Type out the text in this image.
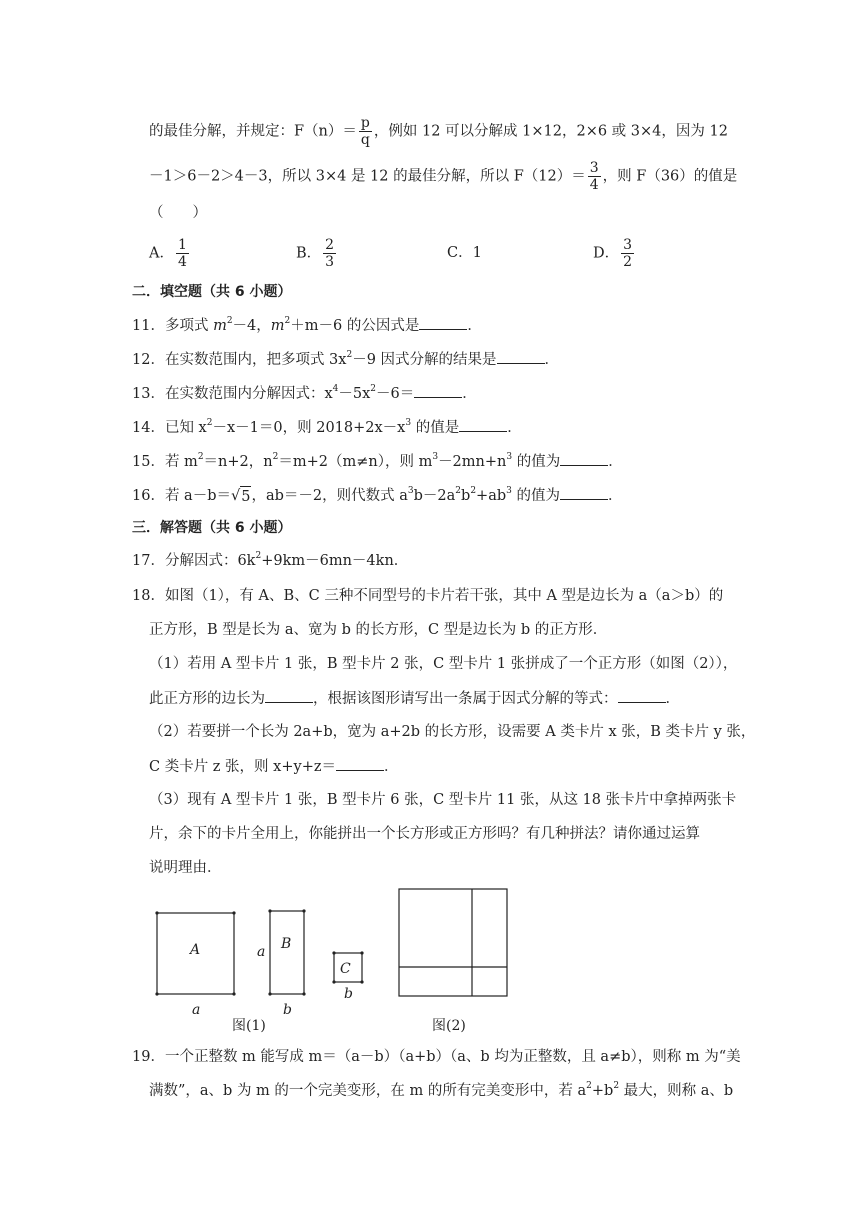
的最佳分解，并规定：$F(n)= \frac{p}{q}$ ，例如 12 可以分解成 1×12，2×6 或 3×4，因为 12
－1＞6－2＞4－3，所以 3×4 是 12 的最佳分解，所以 $F(12)= \frac{3}{4}$ ，则 F（36）的值是
（　　）
A． $\frac{1}{4}$	B． $\frac{2}{3}$	C．1	D． $\frac{3}{2}$
二．填空题（共 6 小题）
11．多项式 $m^2-4$，$m^2+m-6$ 的公因式是	．
12．在实数范围内，把多项式 $3x^2-9$ 因式分解的结果是	．
13．在实数范围内分解因式：$x^4-5x^2-6=$	．
14．已知 $x^2-x-1=0$，则 $2018+2x-x^3$ 的值是	．
15．若 $m^2=n+2$，$n^2=m+2(m\ne n)$，则 $m^3-2mn+n^3$ 的值为	．
16．若 a－b＝ √ 5 ，ab＝－2，则代数式 $a^3b-2a^2b^2+ab^3$ 的值为	．
三．解答题（共 6 小题）
17．分解因式：$6k^2+9km-6mn-4kn$．
18．如图（1），有 A、B、C 三种不同型号的卡片若干张，其中 A 型是边长为 a（a＞b）的
正方形，B 型是长为 a、宽为 b 的长方形，C 型是边长为 b 的正方形．
（1）若用 A 型卡片 1 张，B 型卡片 2 张，C 型卡片 1 张拼成了一个正方形（如图（2）），
此正方形的边长为	，根据该图形请写出一条属于因式分解的等式：	．
（2）若要拼一个长为 2a+b，宽为 a+2b 的长方形，设需要 A 类卡片 x 张，B 类卡片 y 张，
C 类卡片 z 张，则 x+y+z＝	．
（3）现有 A 型卡片 1 张，B 型卡片 6 张，C 型卡片 11 张，从这 18 张卡片中拿掉两张卡
片，余下的卡片全用上，你能拼出一个长方形或正方形吗？有几种拼法？请你通过运算
说明理由．
A
a
B
a
b
C
b
图(1)	图(2)
19．一个正整数 m 能写成 m＝（a－b）（a+b）（a、b 均为正整数，且 a≠b），则称 m 为“美
满数”，a、b 为 m 的一个完美变形，在 m 的所有完美变形中，若 $a^2+b^2$ 最大，则称 a、b
